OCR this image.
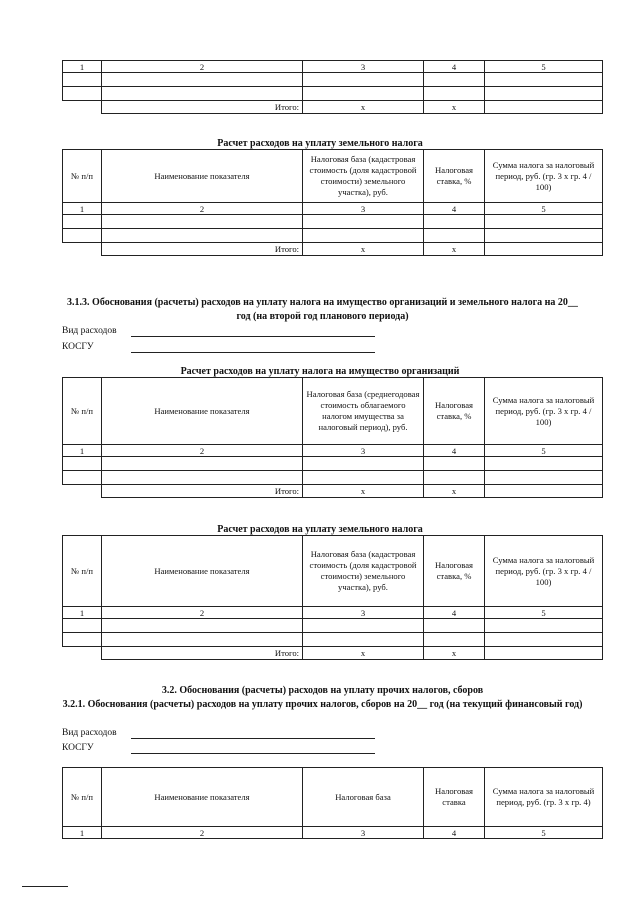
1	2	3	4	5

	Итого:	х	х	
Расчет расходов на уплату земельного налога
№ п/п	Наименование показателя	Налоговая база (кадастровая стоимость (доля кадастровой стоимости) земельного участка), руб.	Налоговая ставка, %	Сумма налога за налоговый период, руб. (гр. 3 х гр. 4 / 100)
1	2	3	4	5

	Итого:	х	х	
3.1.3. Обоснования (расчеты) расходов на уплату налога на имущество организаций и земельного налога на 20__ год (на второй год планового периода)
Вид расходов
КОСГУ
Расчет расходов на уплату налога на имущество организаций
№ п/п	Наименование показателя	Налоговая база (среднегодовая стоимость облагаемого налогом имущества за налоговый период), руб.	Налоговая ставка, %	Сумма налога за налоговый период, руб. (гр. 3 х гр. 4 / 100)
1	2	3	4	5

	Итого:	х	х	
Расчет расходов на уплату земельного налога
№ п/п	Наименование показателя	Налоговая база (кадастровая стоимость (доля кадастровой стоимости) земельного участка), руб.	Налоговая ставка, %	Сумма налога за налоговый период, руб. (гр. 3 х гр. 4 / 100)
1	2	3	4	5

	Итого:	х	х	
3.2. Обоснования (расчеты) расходов на уплату прочих налогов, сборов
3.2.1. Обоснования (расчеты) расходов на уплату прочих налогов, сборов на 20__ год (на текущий финансовый год)
Вид расходов
КОСГУ
№ п/п	Наименование показателя	Налоговая база	Налоговая ставка	Сумма налога за налоговый период, руб. (гр. 3 х гр. 4)
1	2	3	4	5
